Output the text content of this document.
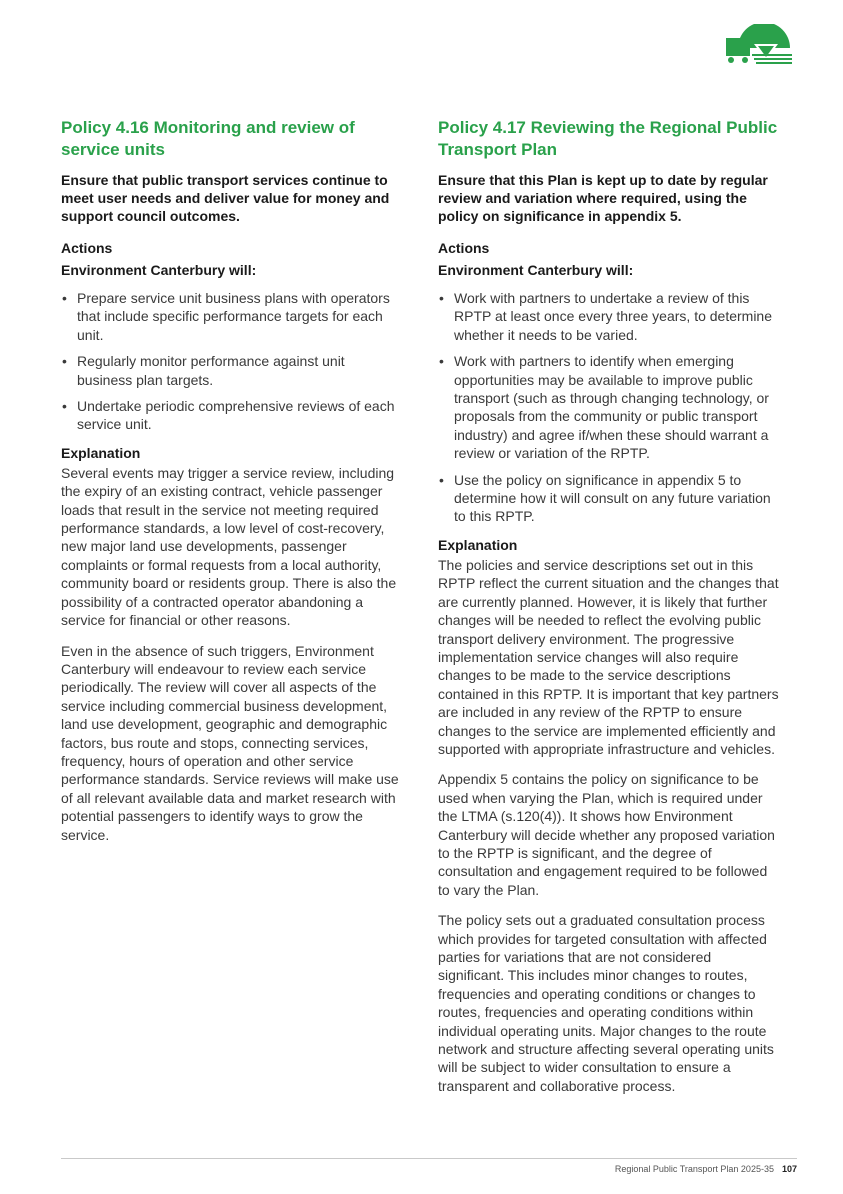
Policy 4.16 Monitoring and review of service units
Ensure that public transport services continue to meet user needs and deliver value for money and support council outcomes.
Actions
Environment Canterbury will:
• Prepare service unit business plans with operators that include specific performance targets for each unit.
• Regularly monitor performance against unit business plan targets.
• Undertake periodic comprehensive reviews of each service unit.
Explanation

Several events may trigger a service review, including the expiry of an existing contract, vehicle passenger loads that result in the service not meeting required performance standards, a low level of cost-recovery, new major land use developments, passenger complaints or formal requests from a local authority, community board or residents group. There is also the possibility of a contracted operator abandoning a service for financial or other reasons.

Even in the absence of such triggers, Environment Canterbury will endeavour to review each service periodically. The review will cover all aspects of the service including commercial business development, land use development, geographic and demographic factors, bus route and stops, connecting services, frequency, hours of operation and other service performance standards. Service reviews will make use of all relevant available data and market research with potential passengers to identify ways to grow the service.

Policy 4.17 Reviewing the Regional Public Transport Plan
Ensure that this Plan is kept up to date by regular review and variation where required, using the policy on significance in appendix 5.
Actions
Environment Canterbury will:
• Work with partners to undertake a review of this RPTP at least once every three years, to determine whether it needs to be varied.
• Work with partners to identify when emerging opportunities may be available to improve public transport (such as through changing technology, or proposals from the community or public transport industry) and agree if/when these should warrant a review or variation of the RPTP.
• Use the policy on significance in appendix 5 to determine how it will consult on any future variation to this RPTP.
Explanation

The policies and service descriptions set out in this RPTP reflect the current situation and the changes that are currently planned. However, it is likely that further changes will be needed to reflect the evolving public transport delivery environment. The progressive implementation service changes will also require changes to be made to the service descriptions contained in this RPTP. It is important that key partners are included in any review of the RPTP to ensure changes to the service are implemented efficiently and supported with appropriate infrastructure and vehicles.

Appendix 5 contains the policy on significance to be used when varying the Plan, which is required under the LTMA (s.120(4)). It shows how Environment Canterbury will decide whether any proposed variation to the RPTP is significant, and the degree of consultation and engagement required to be followed to vary the Plan.

The policy sets out a graduated consultation process which provides for targeted consultation with affected parties for variations that are not considered significant. This includes minor changes to routes, frequencies and operating conditions or changes to routes, frequencies and operating conditions within individual operating units. Major changes to the route network and structure affecting several operating units will be subject to wider consultation to ensure a transparent and collaborative process.

Regional Public Transport Plan 2025-35 107
